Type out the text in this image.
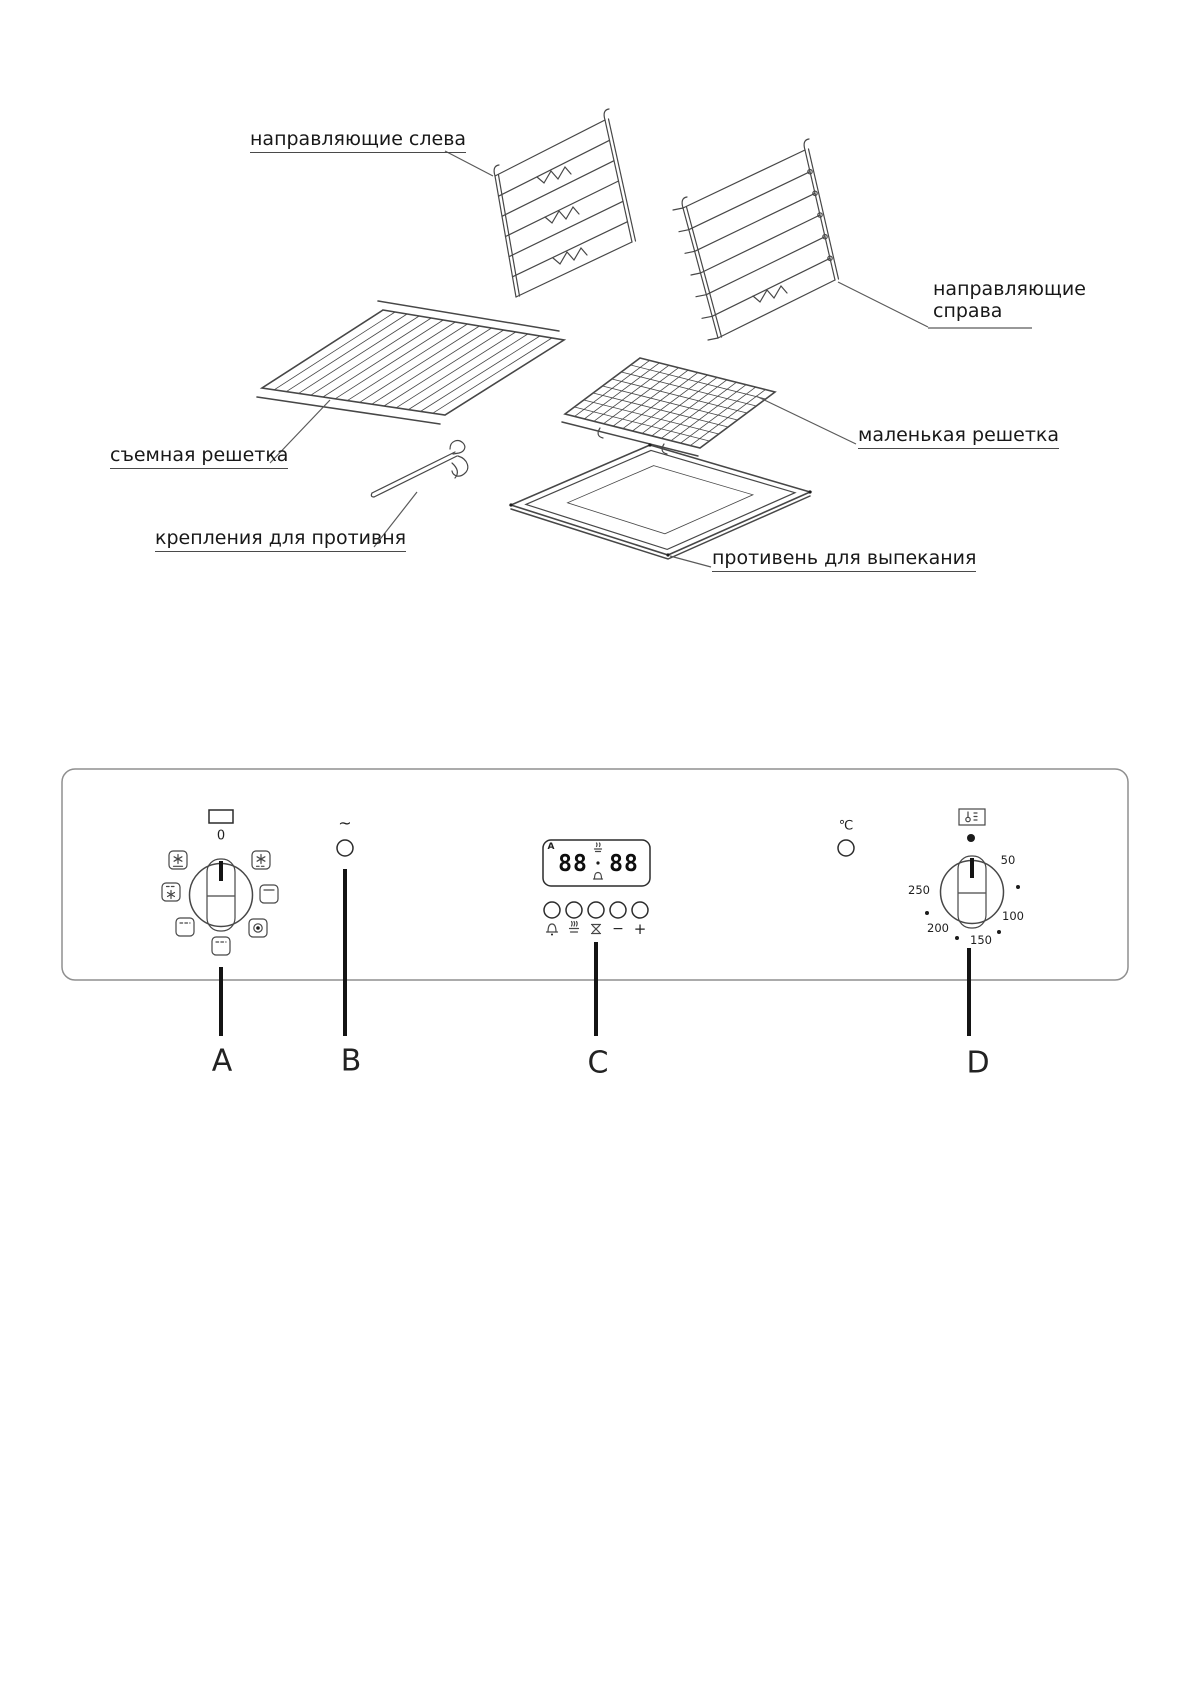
направляющие слева
направляющие
справа
маленькая решетка
съемная решетка
крепления для противня
противень для выпекания
0
~
A
88 88
− +
℃
50
100
150
200
250
A	B	C	D
